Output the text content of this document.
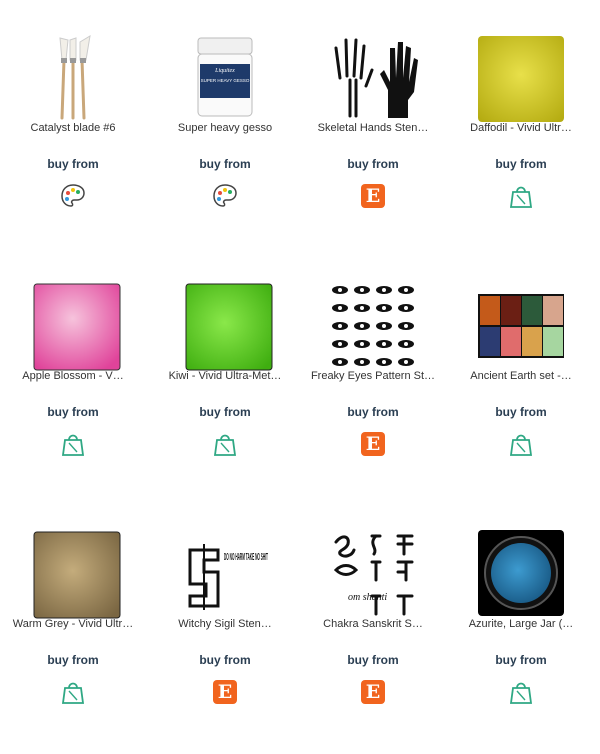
Catalyst blade #6
buy from
Liquitex
SUPER HEAVY GESSO
Super heavy gesso
buy from
Skeletal Hands Sten…
buy from
E
Daffodil - Vivid Ultr…
buy from
Apple Blossom - V…
buy from
Kiwi - Vivid Ultra-Met…
buy from
Freaky Eyes Pattern St…
buy from
E
Ancient Earth set -…
buy from
Warm Grey - Vivid Ultr…
buy from
DO NO HARM TAKE NO SHIT
Witchy Sigil Sten…
buy from
E
om shanti
Chakra Sanskrit S…
buy from
E
Azurite, Large Jar (…
buy from
